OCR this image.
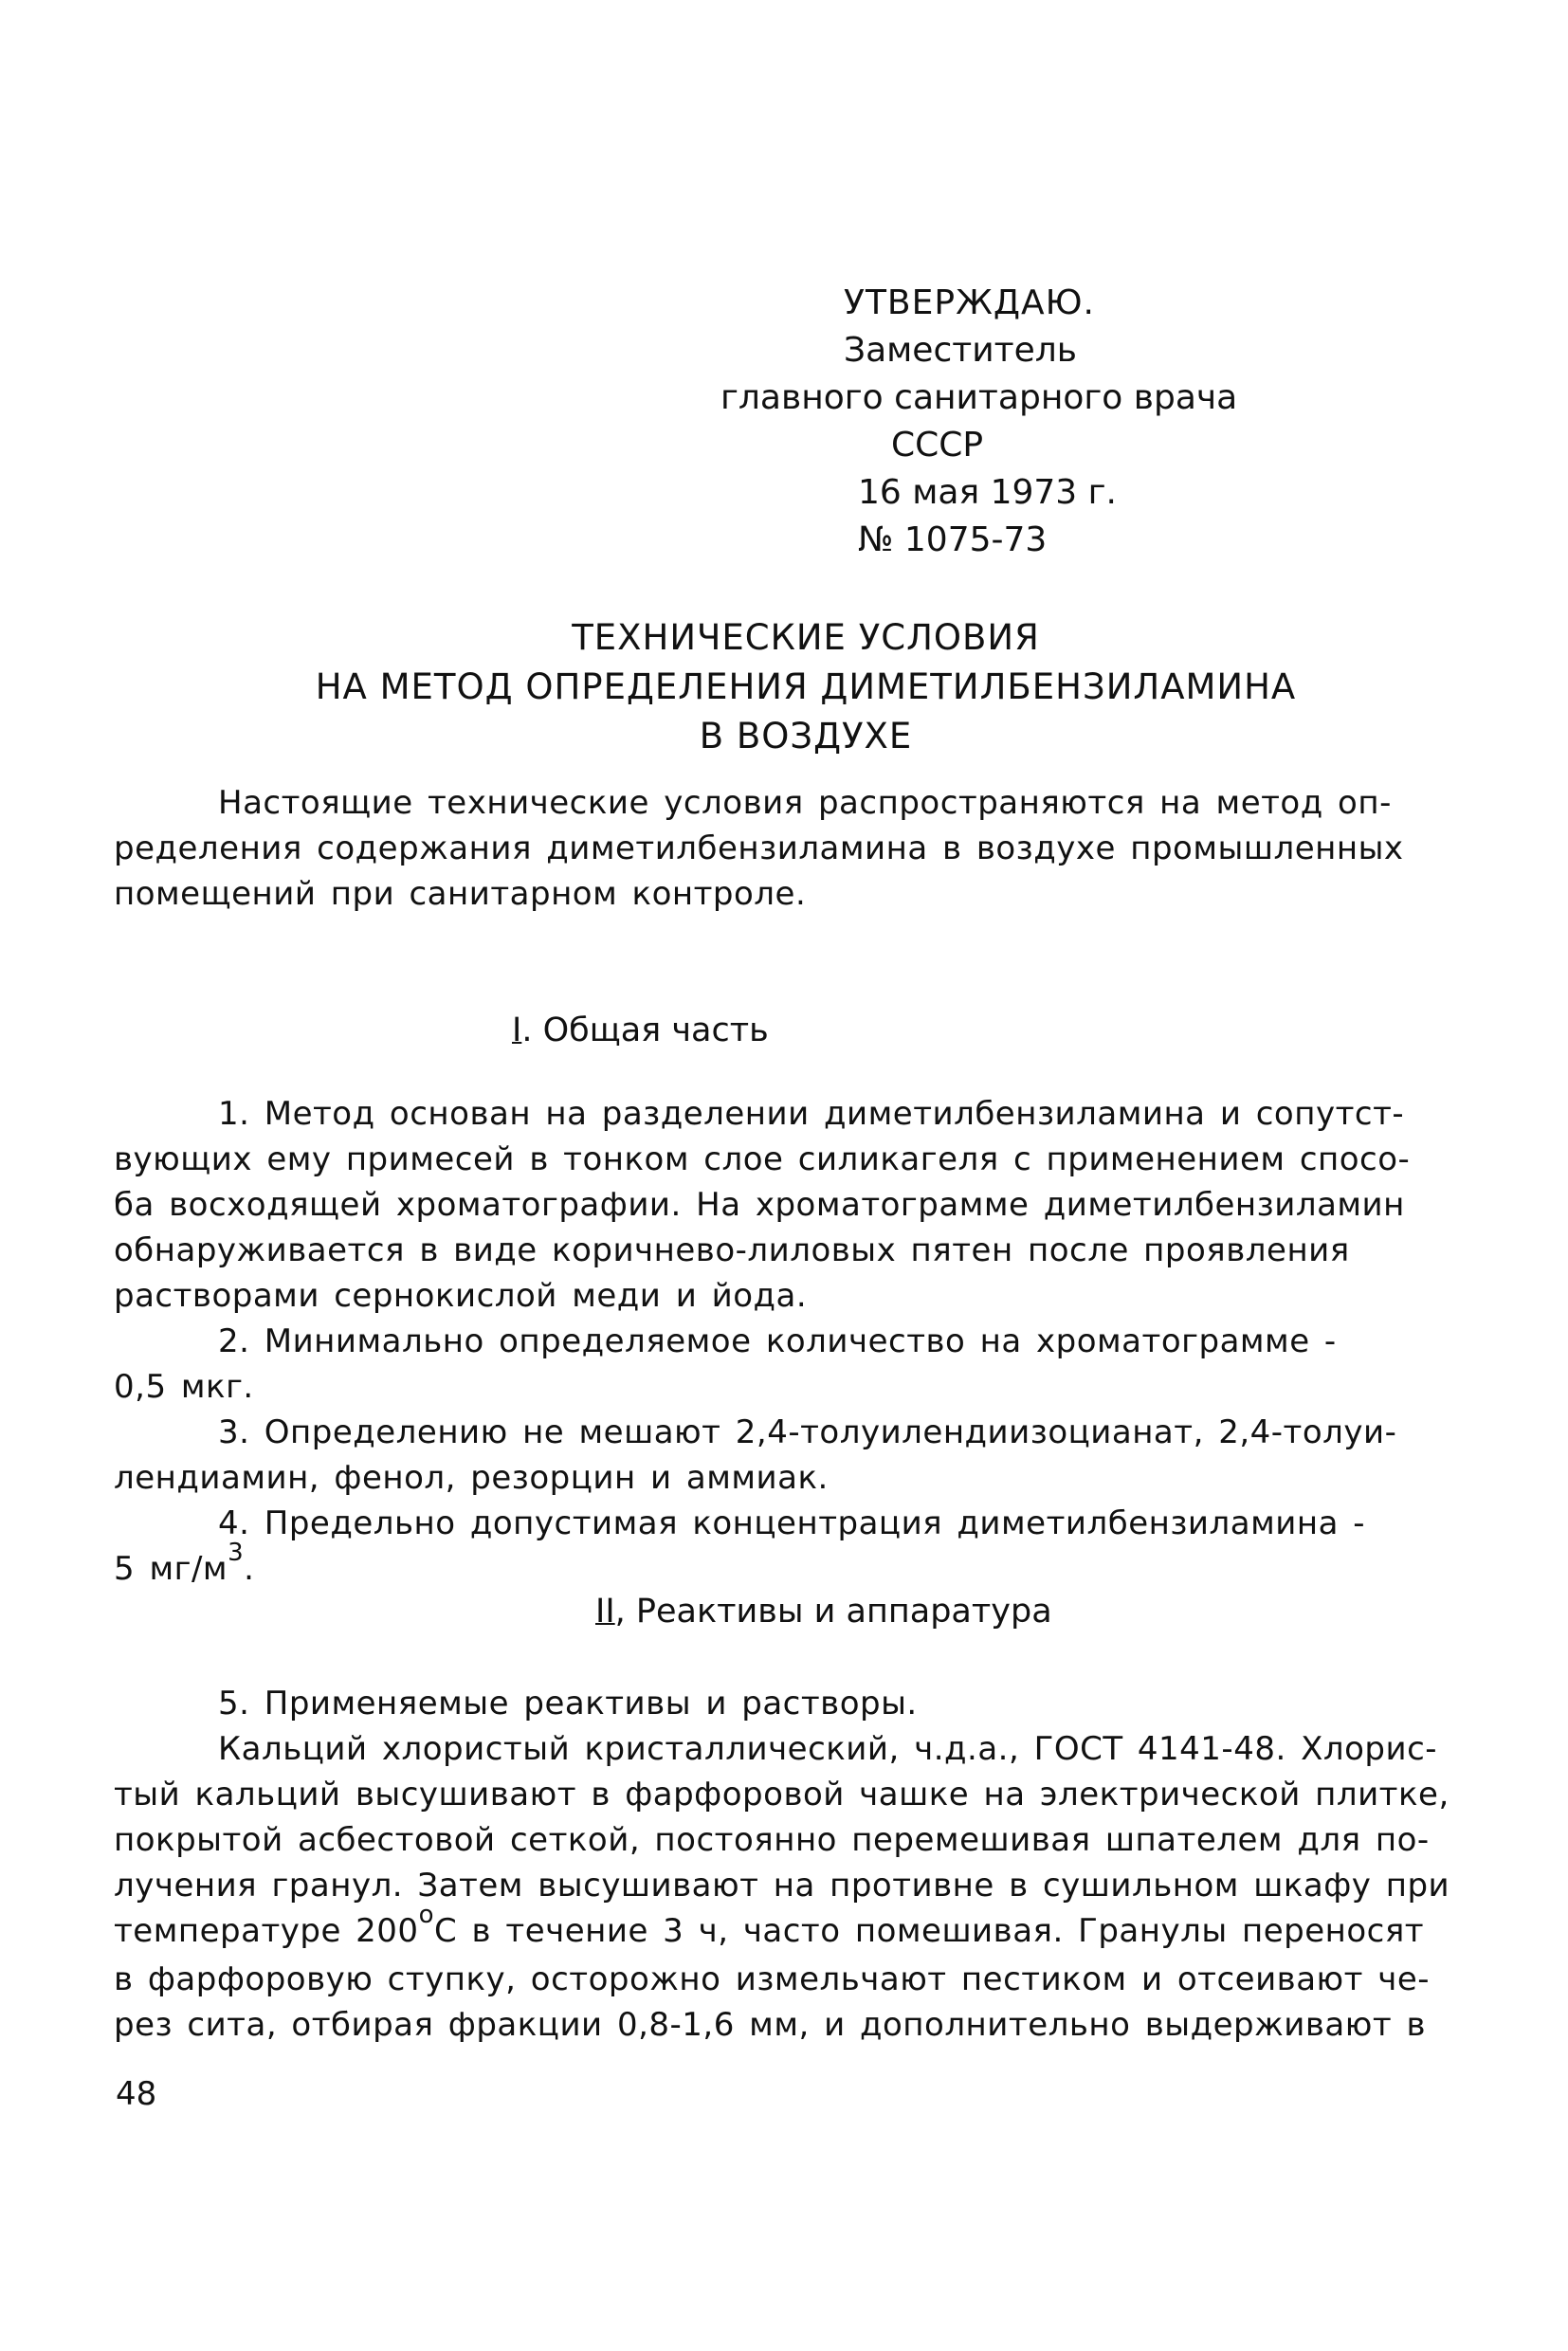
УТВЕРЖДАЮ.
Заместитель
главного санитарного врача
СССР
16 мая 1973 г.
№ 1075-73
ТЕХНИЧЕСКИЕ УСЛОВИЯ
НА МЕТОД ОПРЕДЕЛЕНИЯ ДИМЕТИЛБЕНЗИЛАМИНА
В ВОЗДУХЕ
Настоящие технические условия распространяются на метод оп-
ределения содержания диметилбензиламина в воздухе промышленных
помещений при санитарном контроле.
I. Общая часть
1. Метод основан на разделении диметилбензиламина и сопутст-
вующих ему примесей в тонком слое силикагеля с применением спосо-
ба восходящей хроматографии. На хроматограмме диметилбензиламин
обнаруживается в виде коричнево-лиловых пятен после проявления
растворами сернокислой меди и йода.
2. Минимально определяемое количество на хроматограмме -
0,5 мкг.
3. Определению не мешают 2,4-толуилендиизоцианат, 2,4-толуи-
лендиамин, фенол, резорцин и аммиак.
4. Предельно допустимая концентрация диметилбензиламина -
5 $мг/м^3$.
II, Реактивы и аппаратура
5. Применяемые реактивы и растворы.
Кальций хлористый кристаллический, ч.д.а., ГОСТ 4141-48. Хлорис-
тый кальций высушивают в фарфоровой чашке на электрической плитке,
покрытой асбестовой сеткой, постоянно перемешивая шпателем для по-
лучения гранул. Затем высушивают на противне в сушильном шкафу при
температуре $200^оС$ в течение 3 ч, часто помешивая. Гранулы переносят
в фарфоровую ступку, осторожно измельчают пестиком и отсеивают че-
рез сита, отбирая фракции 0,8-1,6 мм, и дополнительно выдерживают в
48
